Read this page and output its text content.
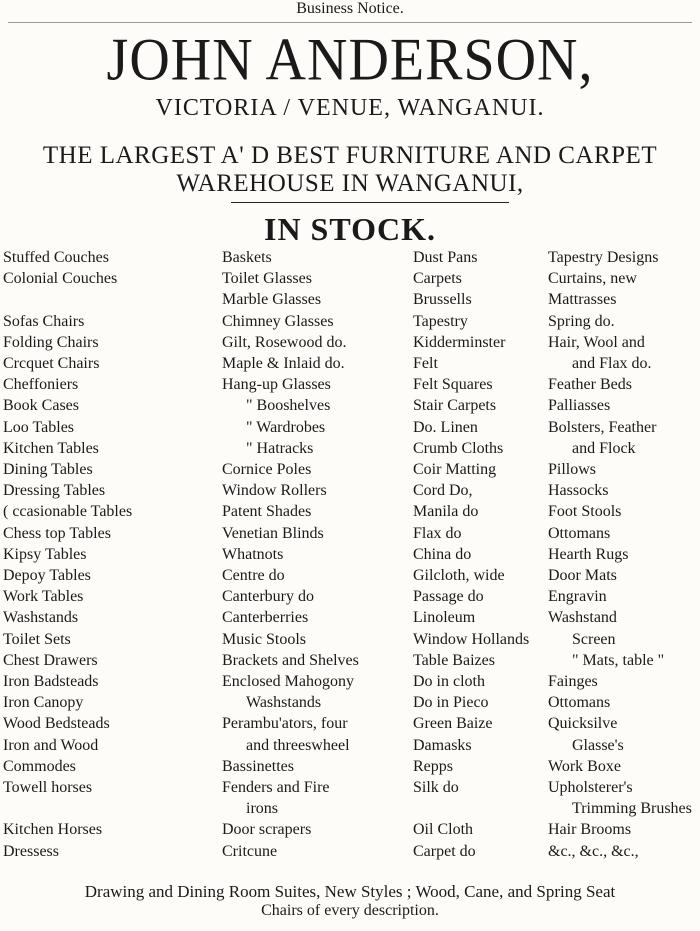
Business Notice.
JOHN ANDERSON,
VICTORIA / VENUE, WANGANUI.
THE LARGEST A' D BEST FURNITURE AND CARPET
WAREHOUSE IN WANGANUI,
IN STOCK.
Stuffed Couches
Colonial Couches
Sofas Chairs
Folding Chairs
Crcquet Chairs
Cheffoniers
Book Cases
Loo Tables
Kitchen Tables
Dining Tables
Dressing Tables
( ccasionable Tables
Chess top Tables
Kipsy Tables
Depoy Tables
Work Tables
Washstands
Toilet Sets
Chest Drawers
Iron Badsteads
Iron Canopy
Wood Bedsteads
Iron and Wood
Commodes
Towell horses
Kitchen Horses
Dressess
Baskets
Toilet Glasses
Marble Glasses
Chimney Glasses
Gilt, Rosewood do.
Maple & Inlaid do.
Hang-up Glasses
" Booshelves
" Wardrobes
" Hatracks
Cornice Poles
Window Rollers
Patent Shades
Venetian Blinds
Whatnots
Centre do
Canterbury do
Canterberries
Music Stools
Brackets and Shelves
Enclosed Mahogony
Washstands
Perambu'ators, four
and threeswheel
Bassinettes
Fenders and Fire
irons
Door scrapers
Critcune
Dust Pans
Carpets
Brussells
Tapestry
Kidderminster
Felt
Felt Squares
Stair Carpets
Do. Linen
Crumb Cloths
Coir Matting
Cord Do,
Manila do
Flax do
China do
Gilcloth, wide
Passage do
Linoleum
Window Hollands
Table Baizes
Do in cloth
Do in Pieco
Green Baize
Damasks
Repps
Silk do
Oil Cloth
Carpet do
Tapestry Designs
Curtains, new
Mattrasses
Spring do.
Hair, Wool and
and Flax do.
Feather Beds
Palliasses
Bolsters, Feather
and Flock
Pillows
Hassocks
Foot Stools
Ottomans
Hearth Rugs
Door Mats
Engravin
Washstand
Screen
" Mats, table "
Fainges
Ottomans
Quicksilve
Glasse's
Work Boxe
Upholsterer's
Trimming Brushes
Hair Brooms
&c., &c., &c.,
Drawing and Dining Room Suites, New Styles ; Wood, Cane, and Spring Seat
Chairs of every description.
